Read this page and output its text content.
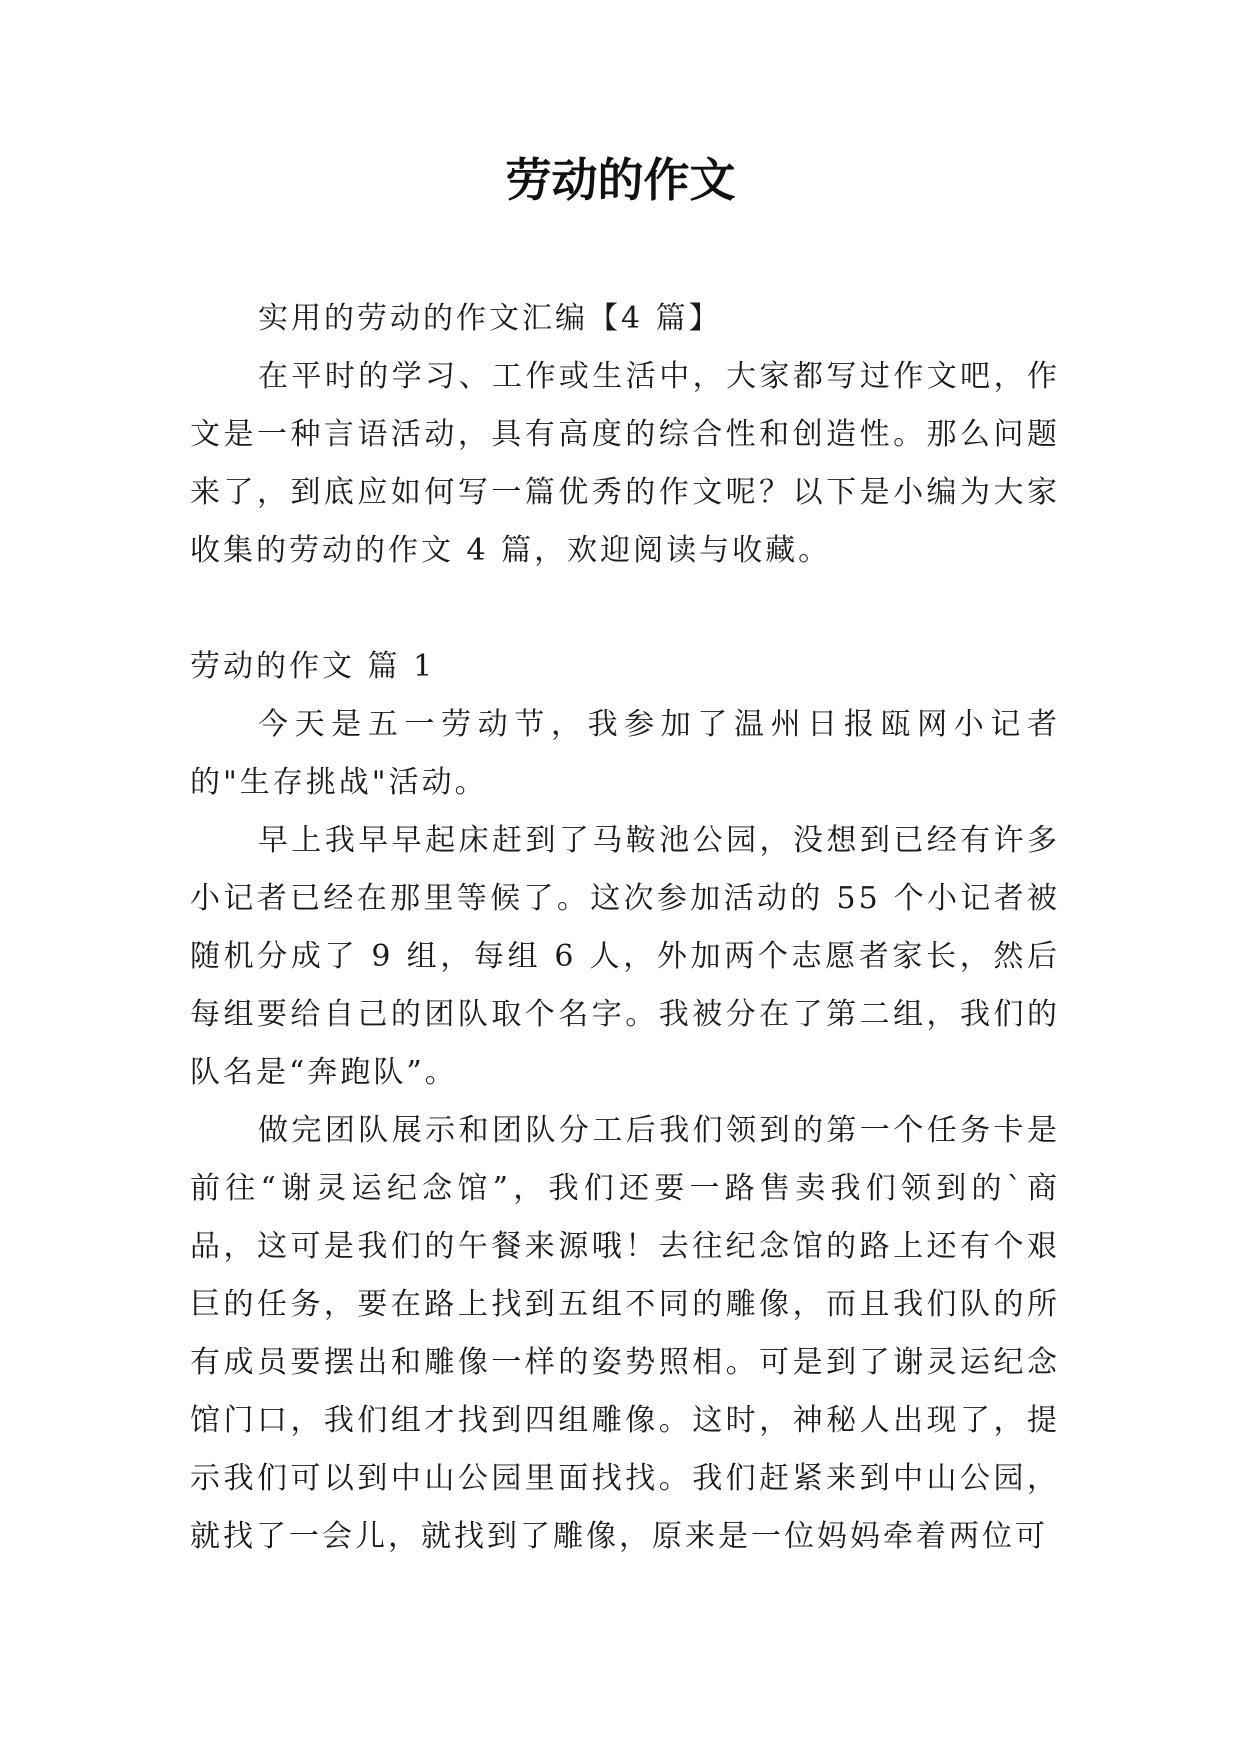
劳动的作文

实用的劳动的作文汇编【4 篇】

在平时的学习、工作或生活中，大家都写过作文吧，作文是一种言语活动，具有高度的综合性和创造性。那么问题来了，到底应如何写一篇优秀的作文呢？以下是小编为大家收集的劳动的作文 4 篇，欢迎阅读与收藏。

劳动的作文 篇 1

今天是五一劳动节，我参加了温州日报瓯网小记者的"生存挑战"活动。

早上我早早起床赶到了马鞍池公园，没想到已经有许多小记者已经在那里等候了。这次参加活动的 55 个小记者被随机分成了 9 组，每组 6 人，外加两个志愿者家长，然后每组要给自己的团队取个名字。我被分在了第二组，我们的队名是“奔跑队”。

做完团队展示和团队分工后我们领到的第一个任务卡是前往“谢灵运纪念馆”，我们还要一路售卖我们领到的`商品，这可是我们的午餐来源哦！去往纪念馆的路上还有个艰巨的任务，要在路上找到五组不同的雕像，而且我们队的所有成员要摆出和雕像一样的姿势照相。可是到了谢灵运纪念馆门口，我们组才找到四组雕像。这时，神秘人出现了，提示我们可以到中山公园里面找找。我们赶紧来到中山公园，就找了一会儿，就找到了雕像，原来是一位妈妈牵着两位可
